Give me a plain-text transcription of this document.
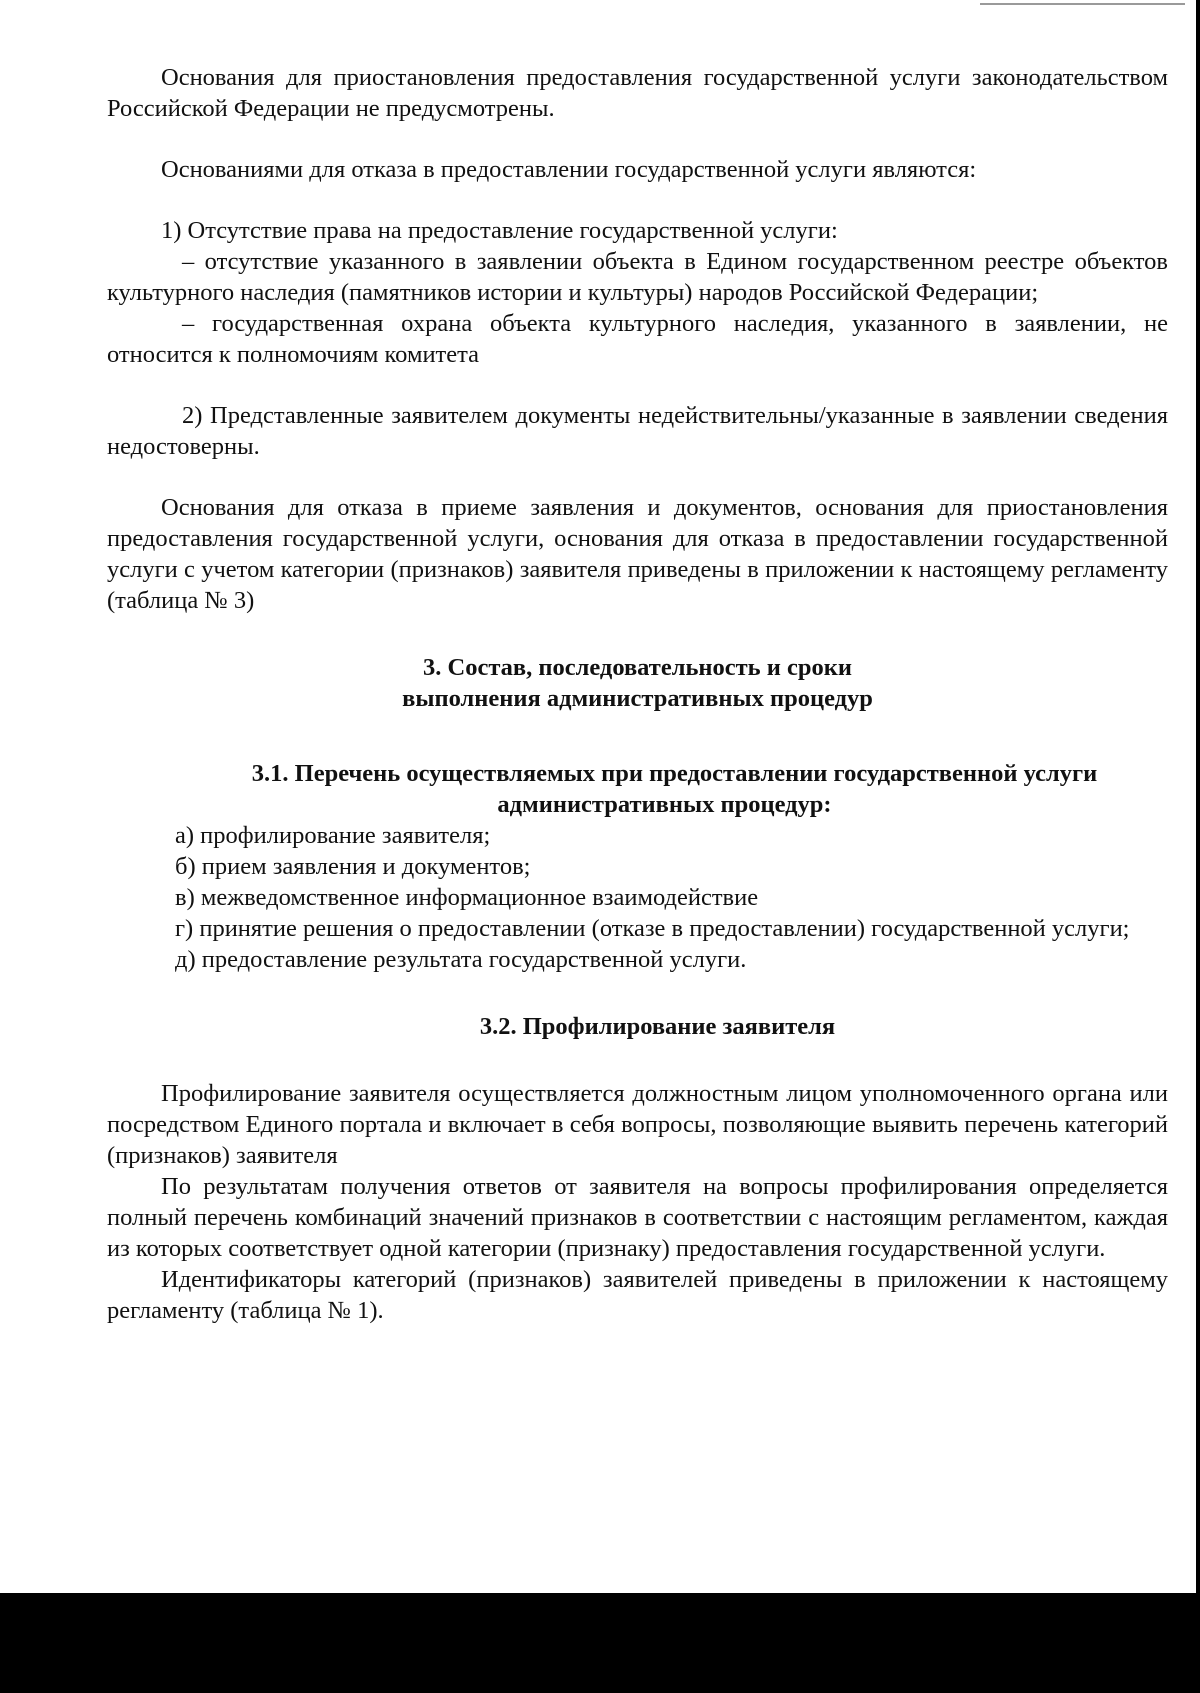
Основания для приостановления предоставления государственной услуги законодательством Российской Федерации не предусмотрены.

Основаниями для отказа в предоставлении государственной услуги являются:

1) Отсутствие права на предоставление государственной услуги:

– отсутствие указанного в заявлении объекта в Едином государственном реестре объектов культурного наследия (памятников истории и культуры) народов Российской Федерации;

– государственная охрана объекта культурного наследия, указанного в заявлении, не относится к полномочиям комитета

2) Представленные заявителем документы недействительны/указанные в заявлении сведения недостоверны.

Основания для отказа в приеме заявления и документов, основания для приостановления предоставления государственной услуги, основания для отказа в предоставлении государственной услуги с учетом категории (признаков) заявителя приведены в приложении к настоящему регламенту (таблица № 3)

3. Состав, последовательность и сроки

выполнения административных процедур

3.1. Перечень осуществляемых при предоставлении государственной услуги

административных процедур:

а) профилирование заявителя;

б) прием заявления и документов;

в) межведомственное информационное взаимодействие

г) принятие решения о предоставлении (отказе в предоставлении) государственной услуги;

д) предоставление результата государственной услуги.

3.2. Профилирование заявителя

Профилирование заявителя осуществляется должностным лицом уполномоченного органа или посредством Единого портала и включает в себя вопросы, позволяющие выявить перечень категорий (признаков) заявителя

По результатам получения ответов от заявителя на вопросы профилирования определяется полный перечень комбинаций значений признаков в соответствии с настоящим регламентом, каждая из которых соответствует одной категории (признаку) предоставления государственной услуги.

Идентификаторы категорий (признаков) заявителей приведены в приложении к настоящему регламенту (таблица № 1).
